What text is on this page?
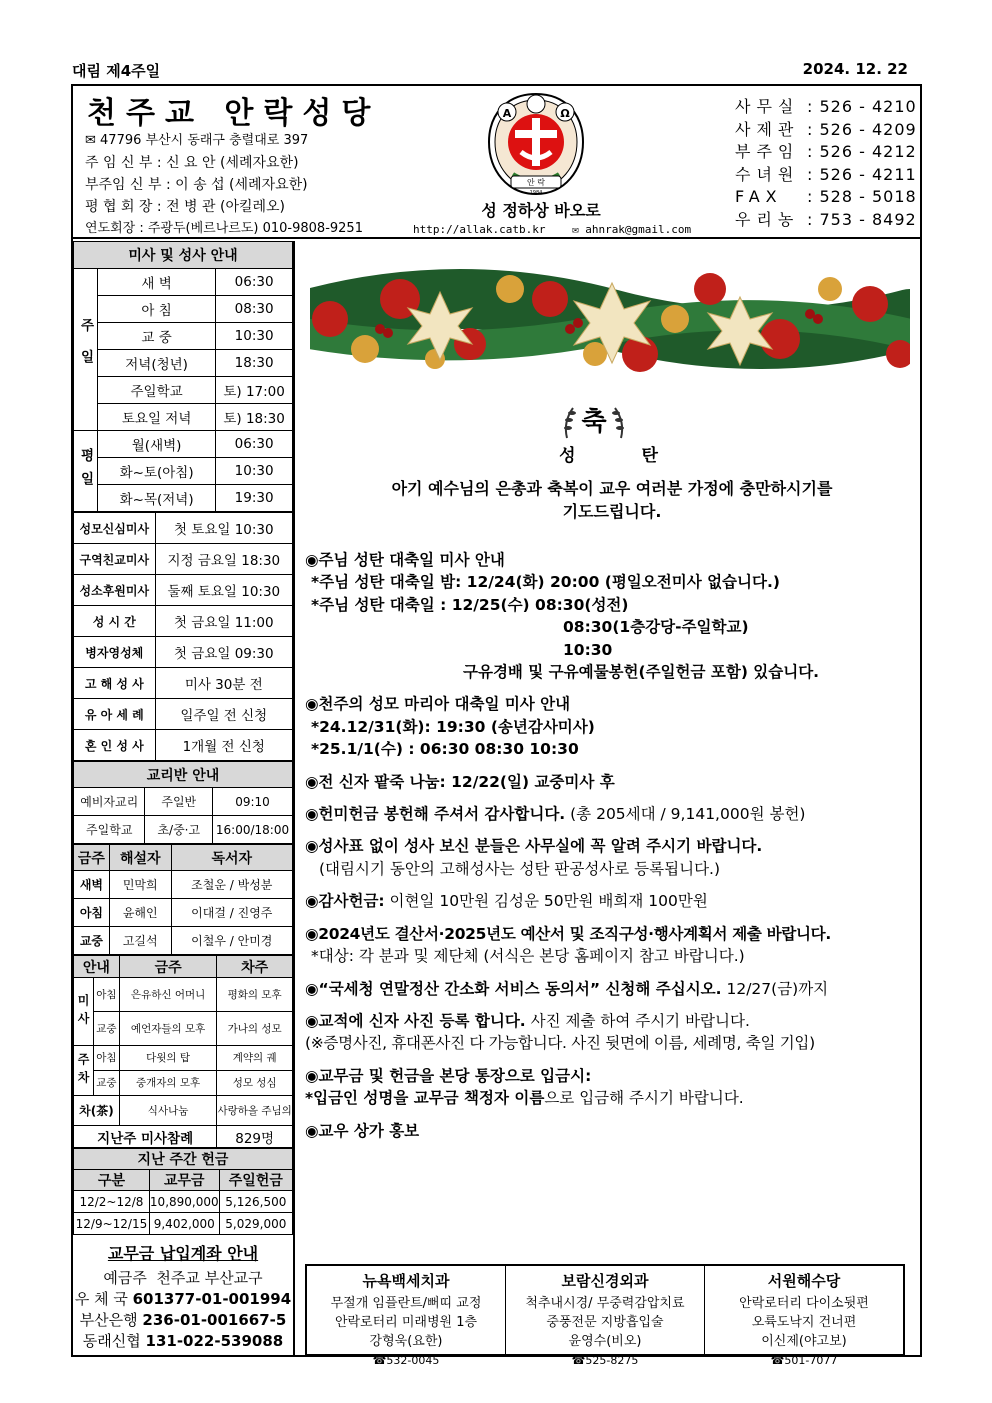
대림 제4주일	2024. 12. 22
천주교 안락성당
✉ 47796 부산시 동래구 충렬대로 397
주 임 신 부 : 신 요 안 (세례자요한)
부주임 신 부 : 이 송 섭 (세례자요한)
평 협 회 장 : 전 병 관 (아킬레오)
연도회장 : 주광두(베르나르도) 010-9808-9251
A	Ω
안 락
1984
성 정하상 바오로
http://allak.catb.kr ✉ ahnrak@gmail.com
사무실 : 526 - 4210
사제관 : 526 - 4209
부주임 : 526 - 4212
수녀원 : 526 - 4211
FAX : 528 - 5018
우리농 : 753 - 8492
미사 및 성사 안내		
주일	새 벽	06:30
	아 침	08:30
	교 중	10:30
	저녁(청년)	18:30
	주일학교	토) 17:00
	토요일 저녁	토) 18:30
평일	월(새벽)	06:30
	화~토(아침)	10:30
	화~목(저녁)	19:30
성모신심미사	첫 토요일 10:30
구역친교미사	지정 금요일 18:30
성소후원미사	둘째 토요일 10:30
성 시 간	첫 금요일 11:00
병자영성체	첫 금요일 09:30
고 해 성 사	미사 30분 전
유 아 세 례	일주일 전 신청
혼 인 성 사	1개월 전 신청
교리반 안내		
예비자교리	주일반	09:10
주일학교	초/중·고	16:00/18:00
금주	해설자	독서자
새벽	민막희	조철운 / 박성분
아침	윤해인	이대걸 / 진영주
교중	고길석	이철우 / 안미경
안내		금주	차주
미사	아침	은유하신 어머니	평화의 모후
	교중	예언자들의 모후	가나의 성모
주차	아침	다윗의 탑	계약의 궤
	교중	중개자의 모후	성모 성심
차(茶)		식사나눔	사랑하올 주님의
지난주 미사참례			829명
지난 주간 헌금		
구분	교무금	주일헌금
12/2~12/8	10,890,000	5,126,500
12/9~12/15	9,402,000	5,029,000
교무금 납입계좌 안내
예금주 천주교 부산교구
우 체 국 601377-01-001994
부산은행 236-01-001667-5
동래신협 131-022-539088
축
성 탄
아기 예수님의 은총과 축복이 교우 여러분 가정에 충만하시기를
기도드립니다.
◉주님 성탄 대축일 미사 안내
*주님 성탄 대축일 밤: 12/24(화) 20:00 (평일오전미사 없습니다.)
*주님 성탄 대축일 : 12/25(수) 08:30(성전)
08:30(1층강당-주일학교)
10:30
구유경배 및 구유예물봉헌(주일헌금 포함) 있습니다.
◉천주의 성모 마리아 대축일 미사 안내
*24.12/31(화): 19:30 (송년감사미사)
*25.1/1(수) : 06:30 08:30 10:30
◉전 신자 팥죽 나눔: 12/22(일) 교중미사 후
◉헌미헌금 봉헌해 주셔서 감사합니다. (총 205세대 / 9,141,000원 봉헌)
◉성사표 없이 성사 보신 분들은 사무실에 꼭 알려 주시기 바랍니다.
(대림시기 동안의 고해성사는 성탄 판공성사로 등록됩니다.)
◉감사헌금: 이현일 10만원 김성운 50만원 배희재 100만원
◉2024년도 결산서·2025년도 예산서 및 조직구성·행사계획서 제출 바랍니다.
*대상: 각 분과 및 제단체 (서식은 본당 홈페이지 참고 바랍니다.)
◉“국세청 연말정산 간소화 서비스 동의서” 신청해 주십시오. 12/27(금)까지
◉교적에 신자 사진 등록 합니다. 사진 제출 하여 주시기 바랍니다.
(※증명사진, 휴대폰사진 다 가능합니다. 사진 뒷면에 이름, 세례명, 축일 기입)
◉교무금 및 헌금을 본당 통장으로 입금시:
*입금인 성명을 교무금 책정자 이름으로 입금해 주시기 바랍니다.
◉교우 상가 홍보
뉴욕백세치과
무절개 임플란트/뻐띠 교정
안락로터리 미래병원 1층
강형욱(요한)
☎532-0045
보람신경외과
척추내시경/ 무중력감압치료
중풍전문 지방흡입술
윤영수(비오)
☎525-8275
서원해수당
안락로터리 다이소뒷편
오륙도낙지 건너편
이신제(야고보)
☎501-7077
